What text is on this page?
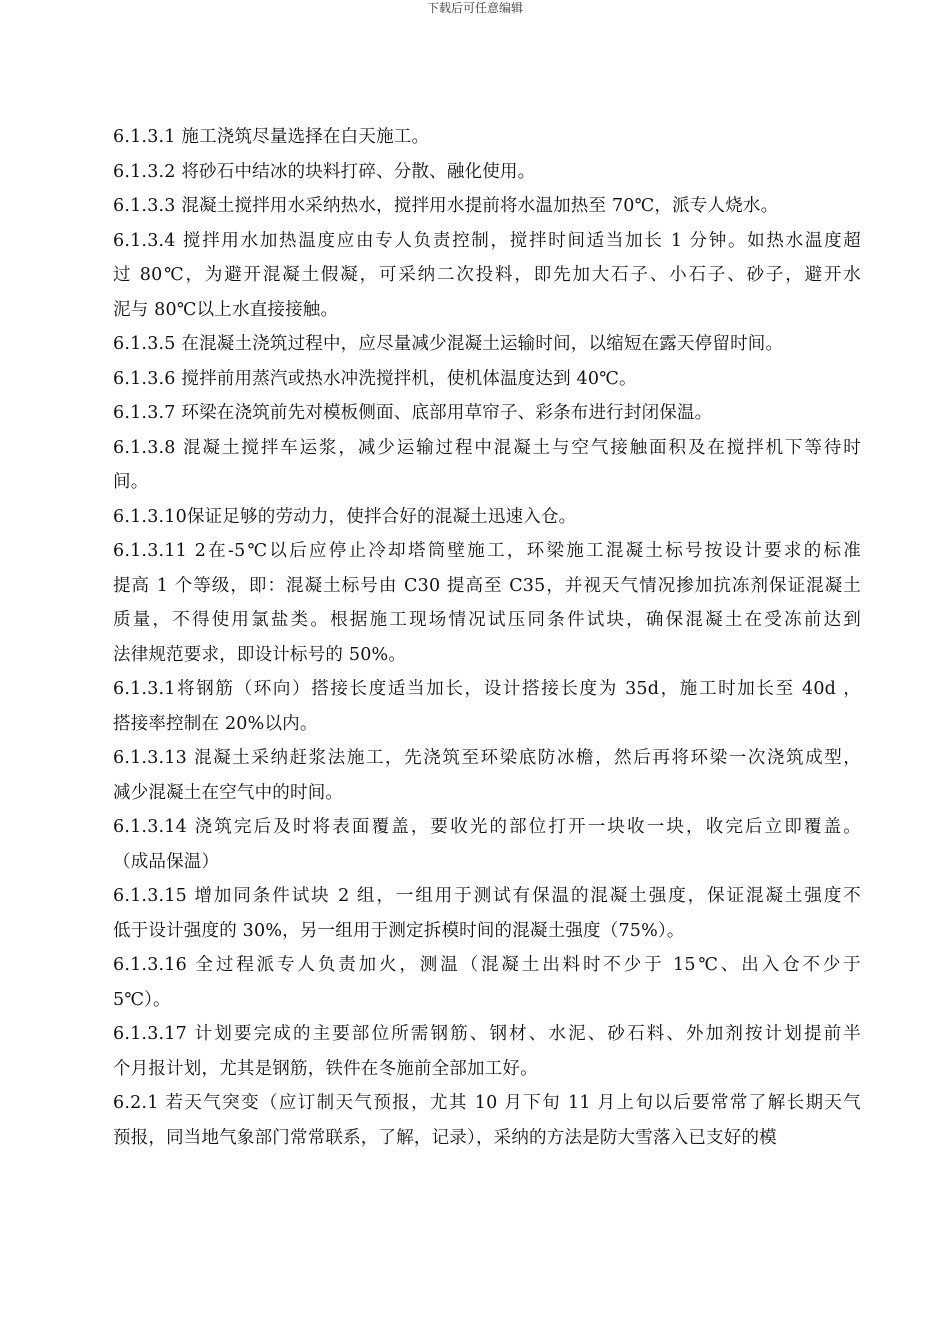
下载后可任意编辑

6.1.3.1 施工浇筑尽量选择在白天施工。

6.1.3.2 将砂石中结冰的块料打碎、分散、融化使用。

6.1.3.3 混凝土搅拌用水采纳热水，搅拌用水提前将水温加热至 70℃，派专人烧水。

6.1.3.4 搅拌用水加热温度应由专人负责控制，搅拌时间适当加长 1 分钟。如热水温度超
过 80℃，为避开混凝土假凝，可采纳二次投料，即先加大石子、小石子、砂子，避开水
泥与 80℃以上水直接接触。

6.1.3.5 在混凝土浇筑过程中，应尽量减少混凝土运输时间，以缩短在露天停留时间。

6.1.3.6 搅拌前用蒸汽或热水冲洗搅拌机，使机体温度达到 40℃。

6.1.3.7 环梁在浇筑前先对模板侧面、底部用草帘子、彩条布进行封闭保温。

6.1.3.8 混凝土搅拌车运浆，减少运输过程中混凝土与空气接触面积及在搅拌机下等待时
间。

6.1.3.10保证足够的劳动力，使拌合好的混凝土迅速入仓。

6.1.3.11 2在-5℃以后应停止冷却塔筒壁施工，环梁施工混凝土标号按设计要求的标准
提高 1 个等级，即：混凝土标号由 C30 提高至 C35，并视天气情况掺加抗冻剂保证混凝土
质量，不得使用氯盐类。根据施工现场情况试压同条件试块，确保混凝土在受冻前达到
法律规范要求，即设计标号的 50%。

6.1.3.1将钢筋（环向）搭接长度适当加长，设计搭接长度为 35d，施工时加长至 40d ，
搭接率控制在 20%以内。

6.1.3.13 混凝土采纳赶浆法施工，先浇筑至环梁底防冰檐，然后再将环梁一次浇筑成型，
减少混凝土在空气中的时间。

6.1.3.14 浇筑完后及时将表面覆盖，要收光的部位打开一块收一块，收完后立即覆盖。
（成品保温）

6.1.3.15 增加同条件试块 2 组，一组用于测试有保温的混凝土强度，保证混凝土强度不
低于设计强度的 30%，另一组用于测定拆模时间的混凝土强度（75%）。

6.1.3.16 全过程派专人负责加火，测温（混凝土出料时不少于 15℃、出入仓不少于
5℃）。

6.1.3.17 计划要完成的主要部位所需钢筋、钢材、水泥、砂石料、外加剂按计划提前半
个月报计划，尤其是钢筋，铁件在冬施前全部加工好。

6.2.1 若天气突变（应订制天气预报，尤其 10 月下旬 11 月上旬以后要常常了解长期天气
预报，同当地气象部门常常联系，了解，记录），采纳的方法是防大雪落入已支好的模
